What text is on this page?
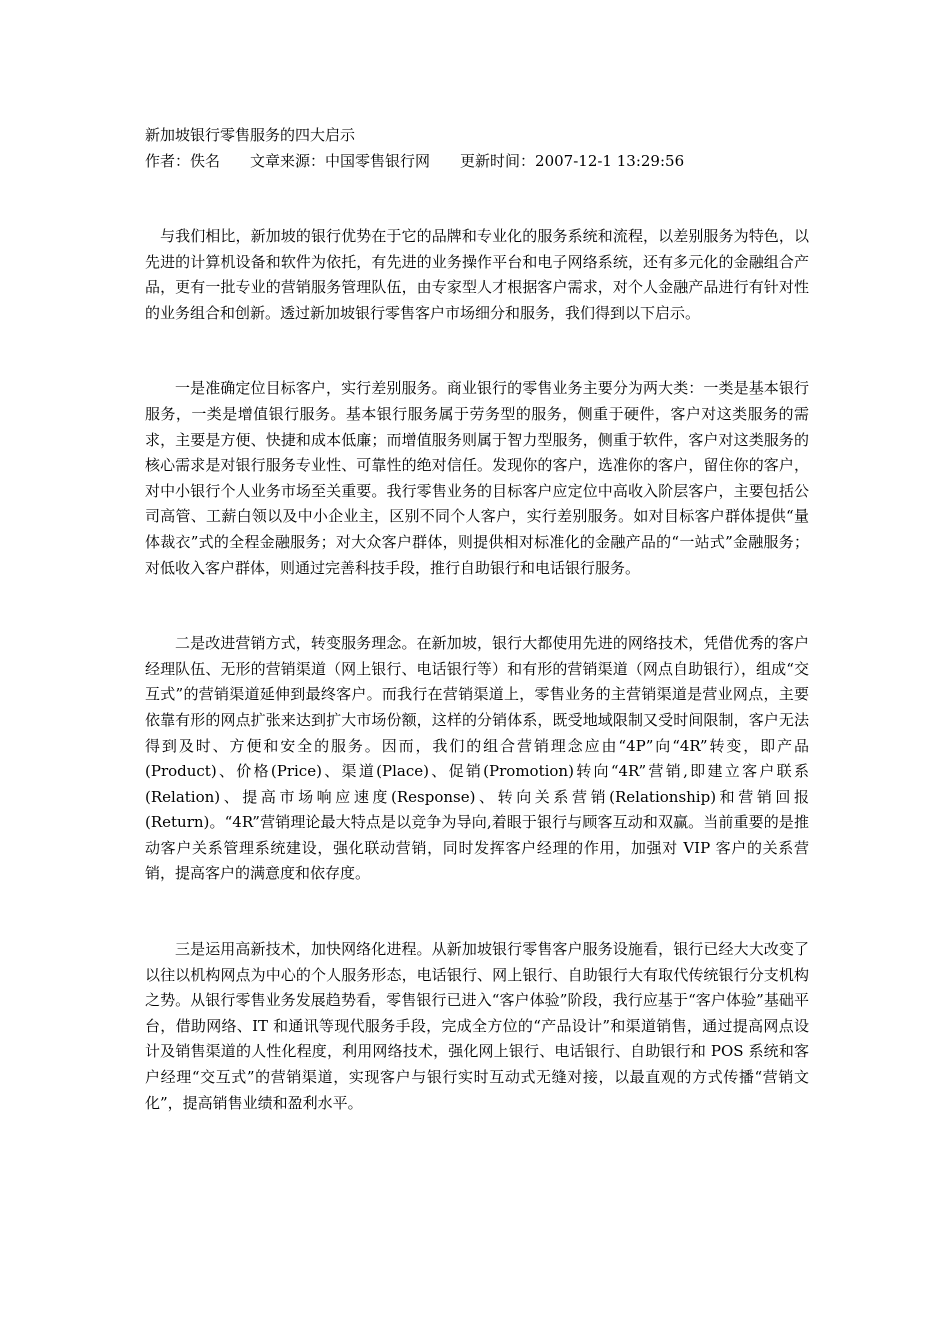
新加坡银行零售服务的四大启示
作者：佚名 文章来源：中国零售银行网 更新时间：2007-12-1 13:29:56

与我们相比，新加坡的银行优势在于它的品牌和专业化的服务系统和流程，以差别服务为特色，以先进的计算机设备和软件为依托，有先进的业务操作平台和电子网络系统，还有多元化的金融组合产品，更有一批专业的营销服务管理队伍，由专家型人才根据客户需求，对个人金融产品进行有针对性的业务组合和创新。透过新加坡银行零售客户市场细分和服务，我们得到以下启示。

一是准确定位目标客户，实行差别服务。商业银行的零售业务主要分为两大类：一类是基本银行服务，一类是增值银行服务。基本银行服务属于劳务型的服务，侧重于硬件，客户对这类服务的需求，主要是方便、快捷和成本低廉；而增值服务则属于智力型服务，侧重于软件，客户对这类服务的核心需求是对银行服务专业性、可靠性的绝对信任。发现你的客户，选准你的客户，留住你的客户，对中小银行个人业务市场至关重要。我行零售业务的目标客户应定位中高收入阶层客户，主要包括公司高管、工薪白领以及中小企业主，区别不同个人客户，实行差别服务。如对目标客户群体提供“量体裁衣”式的全程金融服务；对大众客户群体，则提供相对标准化的金融产品的“一站式”金融服务；对低收入客户群体，则通过完善科技手段，推行自助银行和电话银行服务。

二是改进营销方式，转变服务理念。在新加坡，银行大都使用先进的网络技术，凭借优秀的客户经理队伍、无形的营销渠道（网上银行、电话银行等）和有形的营销渠道（网点自助银行），组成“交互式”的营销渠道延伸到最终客户。而我行在营销渠道上，零售业务的主营销渠道是营业网点，主要依靠有形的网点扩张来达到扩大市场份额，这样的分销体系，既受地域限制又受时间限制，客户无法得到及时、方便和安全的服务。因而，我们的组合营销理念应由“4P”向“4R”转变，即产品(Product)、价格(Price)、渠道(Place)、促销(Promotion)转向“4R”营销,即建立客户联系 (Relation)、提高市场响应速度(Response)、转向关系营销(Relationship)和营销回报(Return)。“4R”营销理论最大特点是以竞争为导向,着眼于银行与顾客互动和双赢。当前重要的是推动客户关系管理系统建设，强化联动营销，同时发挥客户经理的作用，加强对 VIP 客户的关系营销，提高客户的满意度和依存度。

三是运用高新技术，加快网络化进程。从新加坡银行零售客户服务设施看，银行已经大大改变了以往以机构网点为中心的个人服务形态，电话银行、网上银行、自助银行大有取代传统银行分支机构之势。从银行零售业务发展趋势看，零售银行已进入“客户体验”阶段，我行应基于“客户体验”基础平台，借助网络、IT 和通讯等现代服务手段，完成全方位的“产品设计”和渠道销售，通过提高网点设计及销售渠道的人性化程度，利用网络技术，强化网上银行、电话银行、自助银行和 POS 系统和客户经理“交互式”的营销渠道，实现客户与银行实时互动式无缝对接，以最直观的方式传播“营销文化”，提高销售业绩和盈利水平。
